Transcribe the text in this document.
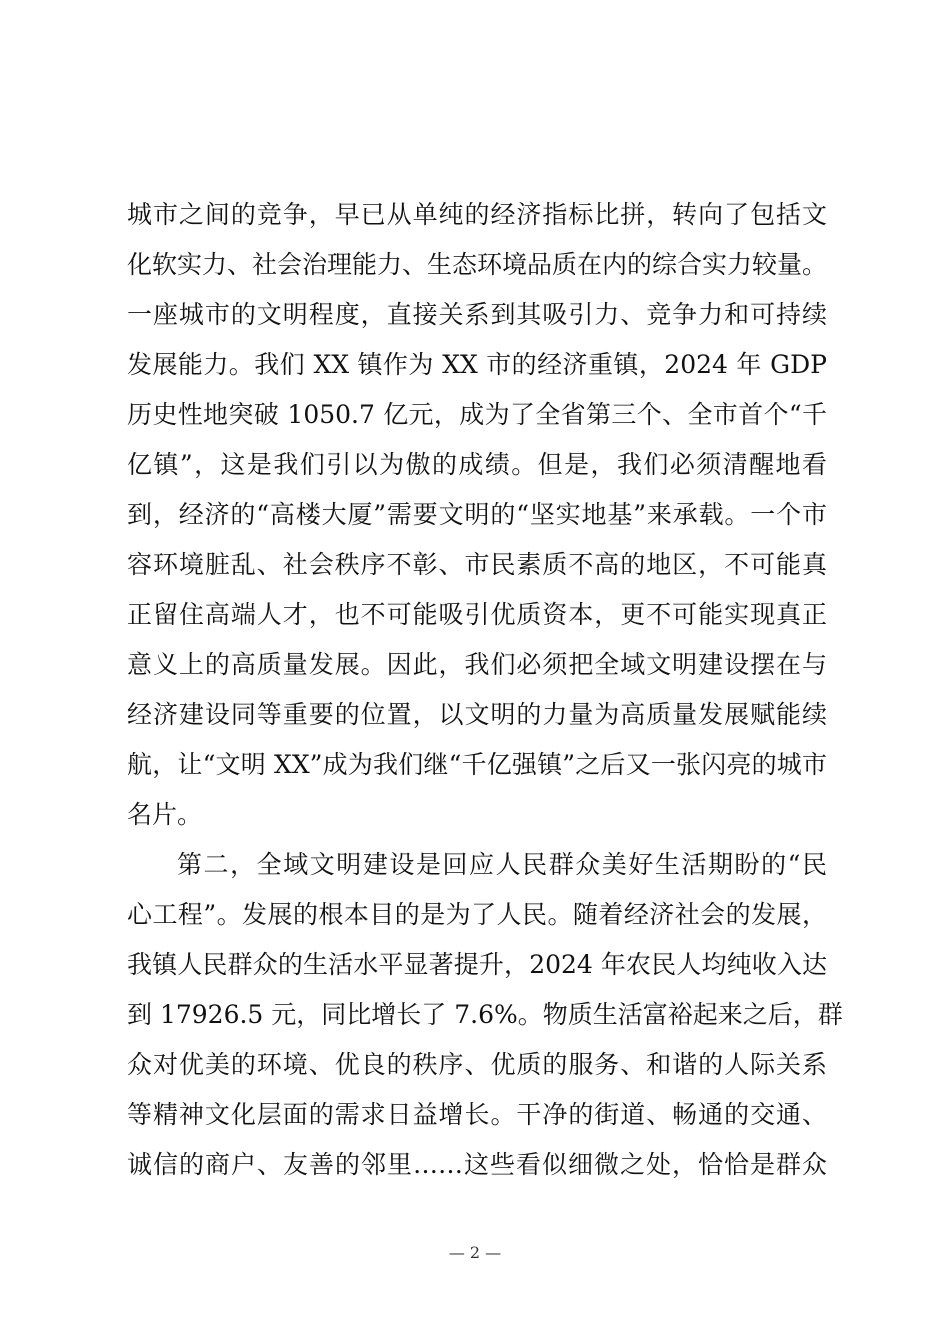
城市之间的竞争，早已从单纯的经济指标比拼，转向了包括文
化软实力、社会治理能力、生态环境品质在内的综合实力较量。
一座城市的文明程度，直接关系到其吸引力、竞争力和可持续
发展能力。我们 XX 镇作为 XX 市的经济重镇，2024 年 GDP
历史性地突破 1050.7 亿元，成为了全省第三个、全市首个“千
亿镇”，这是我们引以为傲的成绩。但是，我们必须清醒地看
到，经济的“高楼大厦”需要文明的“坚实地基”来承载。一个市
容环境脏乱、社会秩序不彰、市民素质不高的地区，不可能真
正留住高端人才，也不可能吸引优质资本，更不可能实现真正
意义上的高质量发展。因此，我们必须把全域文明建设摆在与
经济建设同等重要的位置，以文明的力量为高质量发展赋能续
航，让“文明 XX”成为我们继“千亿强镇”之后又一张闪亮的城市
名片。
第二，全域文明建设是回应人民群众美好生活期盼的“民
心工程”。发展的根本目的是为了人民。随着经济社会的发展，
我镇人民群众的生活水平显著提升，2024 年农民人均纯收入达
到 17926.5 元，同比增长了 7.6%。物质生活富裕起来之后，群
众对优美的环境、优良的秩序、优质的服务、和谐的人际关系
等精神文化层面的需求日益增长。干净的街道、畅通的交通、
诚信的商户、友善的邻里……这些看似细微之处，恰恰是群众
— 2 —
